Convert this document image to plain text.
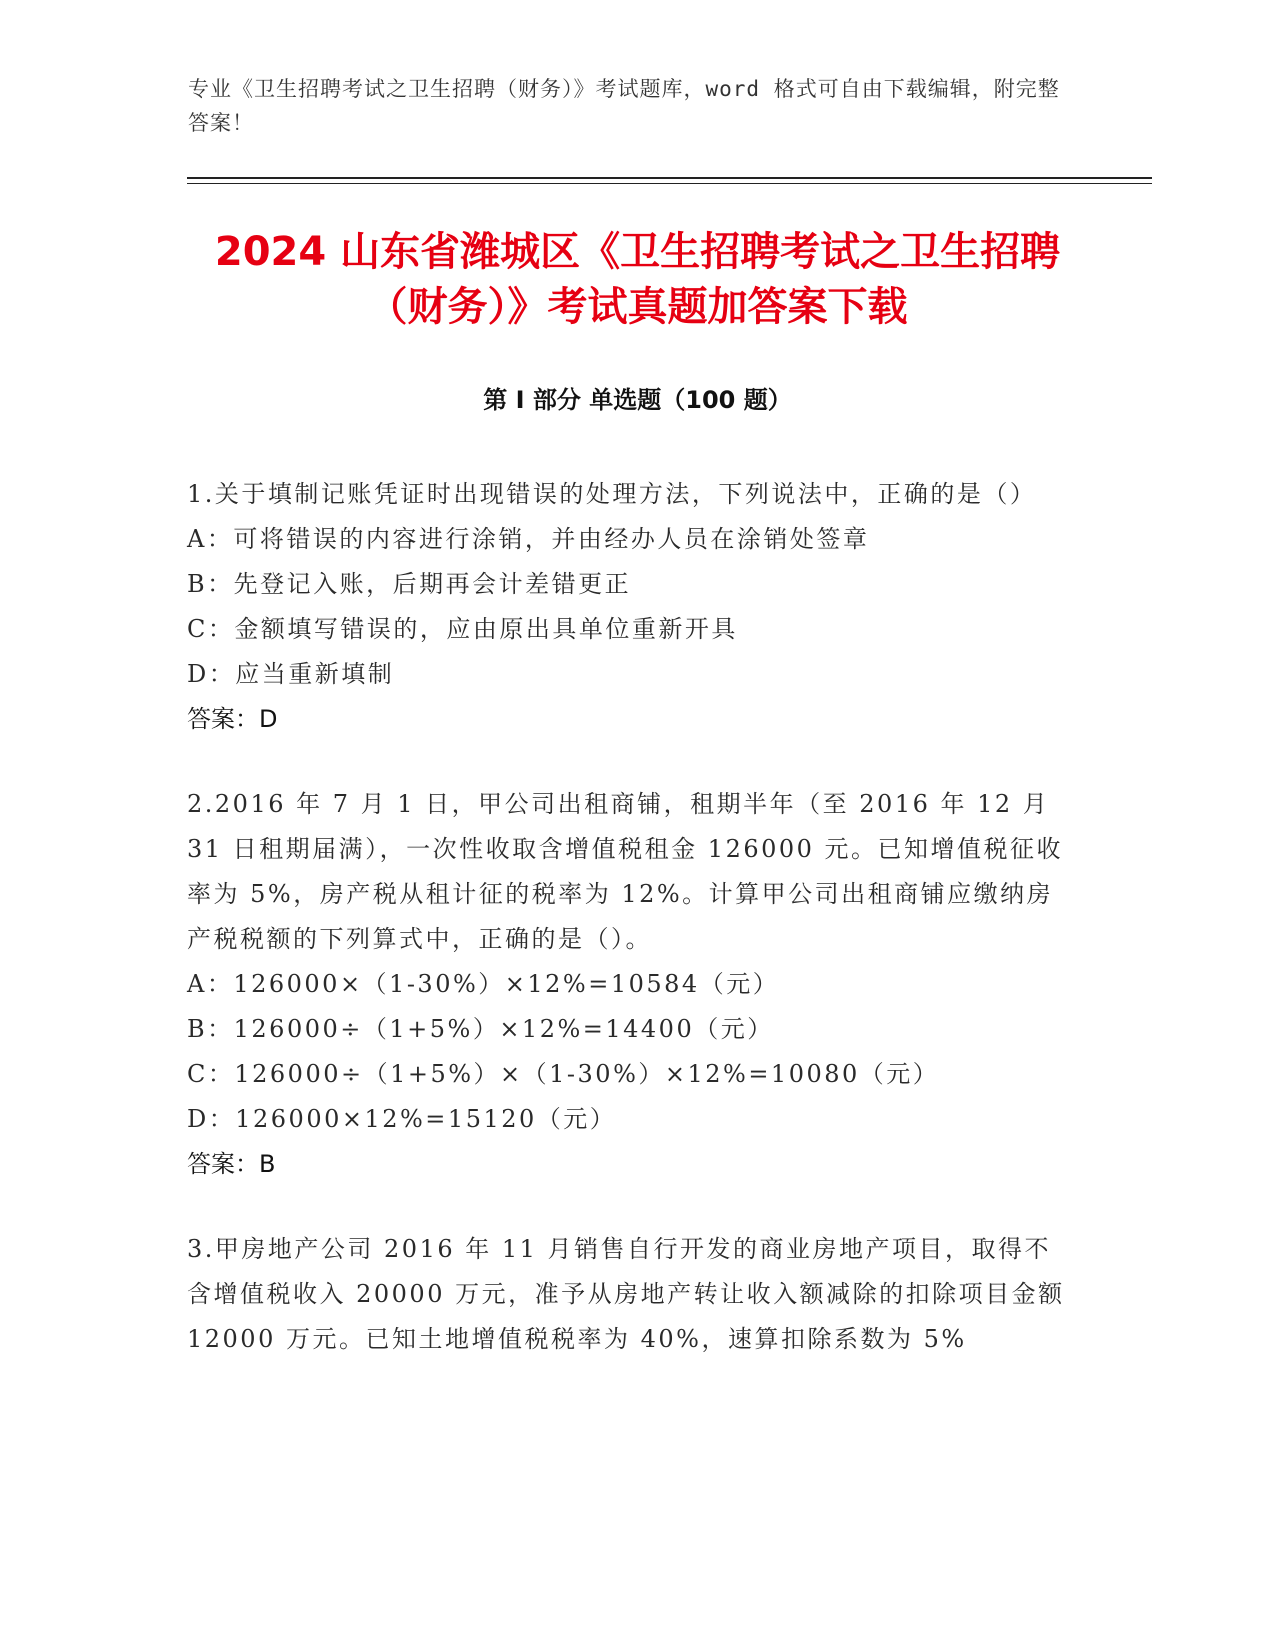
专业《卫生招聘考试之卫生招聘（财务）》考试题库，word 格式可自由下载编辑，附完整答案！
2024 山东省潍城区《卫生招聘考试之卫生招聘（财务）》考试真题加答案下载
第 I 部分 单选题（100 题）
1.关于填制记账凭证时出现错误的处理方法，下列说法中，正确的是（）
A：可将错误的内容进行涂销，并由经办人员在涂销处签章
B：先登记入账，后期再会计差错更正
C：金额填写错误的，应由原出具单位重新开具
D：应当重新填制
答案：D
2.2016 年 7 月 1 日，甲公司出租商铺，租期半年（至 2016 年 12 月 31 日租期届满），一次性收取含增值税租金 126000 元。已知增值税征收率为 5%，房产税从租计征的税率为 12%。计算甲公司出租商铺应缴纳房产税税额的下列算式中，正确的是（）。
A：126000×（1-30%）×12%=10584（元）
B：126000÷（1+5%）×12%=14400（元）
C：126000÷（1+5%）×（1-30%）×12%=10080（元）
D：126000×12%=15120（元）
答案：B
3.甲房地产公司 2016 年 11 月销售自行开发的商业房地产项目，取得不含增值税收入 20000 万元，准予从房地产转让收入额减除的扣除项目金额 12000 万元。已知土地增值税税率为 40%，速算扣除系数为 5%
